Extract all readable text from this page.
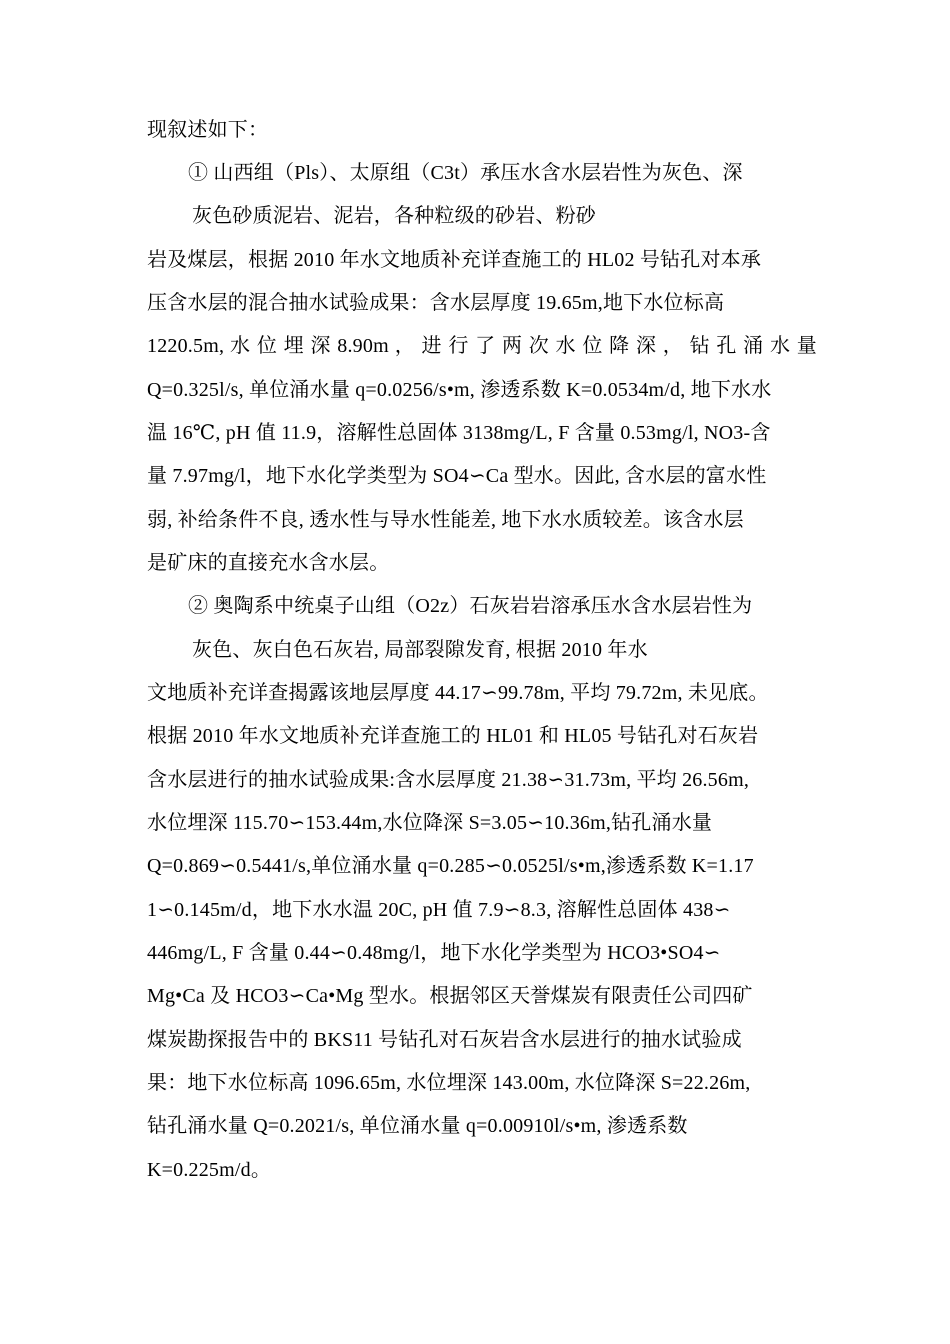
现叙述如下：
① 山西组（Pls）、太原组（C3t）承压水含水层岩性为灰色、深
灰色砂质泥岩、泥岩，各种粒级的砂岩、粉砂
岩及煤层，根据 2010 年水文地质补充详查施工的 HL02 号钻孔对本承
压含水层的混合抽水试验成果：含水层厚度 19.65m,地下水位标高
1220.5m, 水 位 埋 深 8.90m ， 进 行 了 两 次 水 位 降 深 ， 钻 孔 涌 水 量
Q=0.325l/s, 单位涌水量 q=0.0256/s•m, 渗透系数 K=0.0534m/d, 地下水水
温 16℃, pH 值 11.9，溶解性总固体 3138mg/L, F 含量 0.53mg/l, NO3-含
量 7.97mg/l，地下水化学类型为 SO4∽Ca 型水。因此, 含水层的富水性
弱, 补给条件不良, 透水性与导水性能差, 地下水水质较差。该含水层
是矿床的直接充水含水层。
② 奥陶系中统桌子山组（O2z）石灰岩岩溶承压水含水层岩性为
灰色、灰白色石灰岩, 局部裂隙发育, 根据 2010 年水
文地质补充详查揭露该地层厚度 44.17∽99.78m, 平均 79.72m, 未见底。
根据 2010 年水文地质补充详查施工的 HL01 和 HL05 号钻孔对石灰岩
含水层进行的抽水试验成果:含水层厚度 21.38∽31.73m, 平均 26.56m,
水位埋深 115.70∽153.44m,水位降深 S=3.05∽10.36m,钻孔涌水量
Q=0.869∽0.5441/s,单位涌水量 q=0.285∽0.0525l/s•m,渗透系数 K=1.17
1∽0.145m/d，地下水水温 20C, pH 值 7.9∽8.3, 溶解性总固体 438∽
446mg/L, F 含量 0.44∽0.48mg/l，地下水化学类型为 HCO3•SO4∽
Mg•Ca 及 HCO3∽Ca•Mg 型水。根据邻区天誉煤炭有限责任公司四矿
煤炭勘探报告中的 BKS11 号钻孔对石灰岩含水层进行的抽水试验成
果：地下水位标高 1096.65m, 水位埋深 143.00m, 水位降深 S=22.26m,
钻孔涌水量 Q=0.2021/s, 单位涌水量 q=0.00910l/s•m, 渗透系数
K=0.225m/d。
